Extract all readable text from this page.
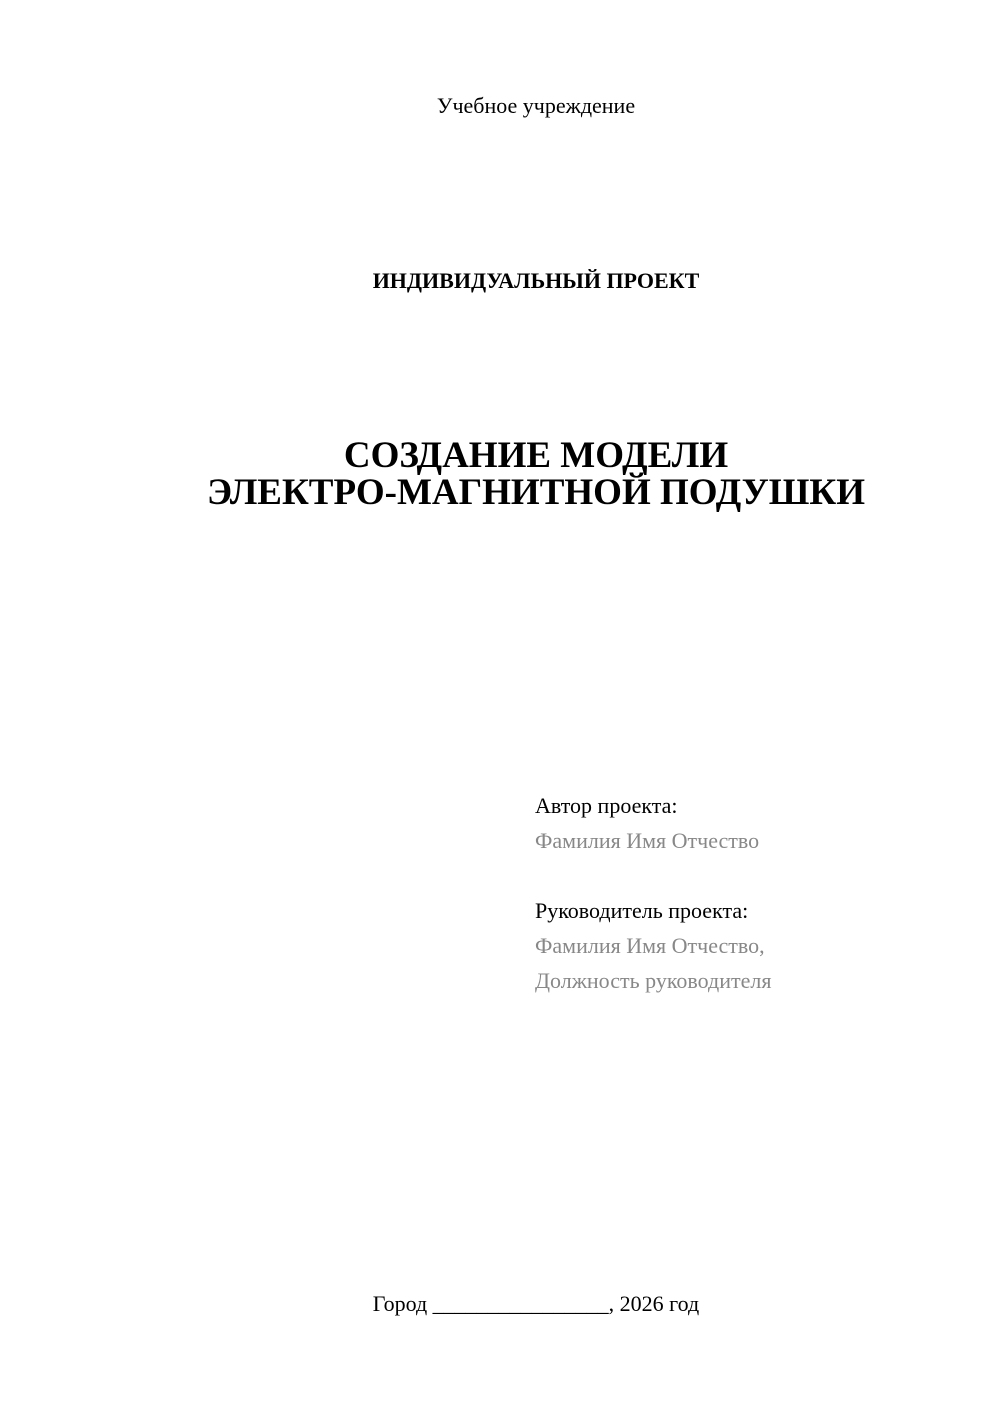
Учебное учреждение
ИНДИВИДУАЛЬНЫЙ ПРОЕКТ
СОЗДАНИЕ МОДЕЛИ
ЭЛЕКТРО-МАГНИТНОЙ ПОДУШКИ
Автор проекта:
Фамилия Имя Отчество
Руководитель проекта:
Фамилия Имя Отчество,
Должность руководителя
Город ________________, 2026 год
